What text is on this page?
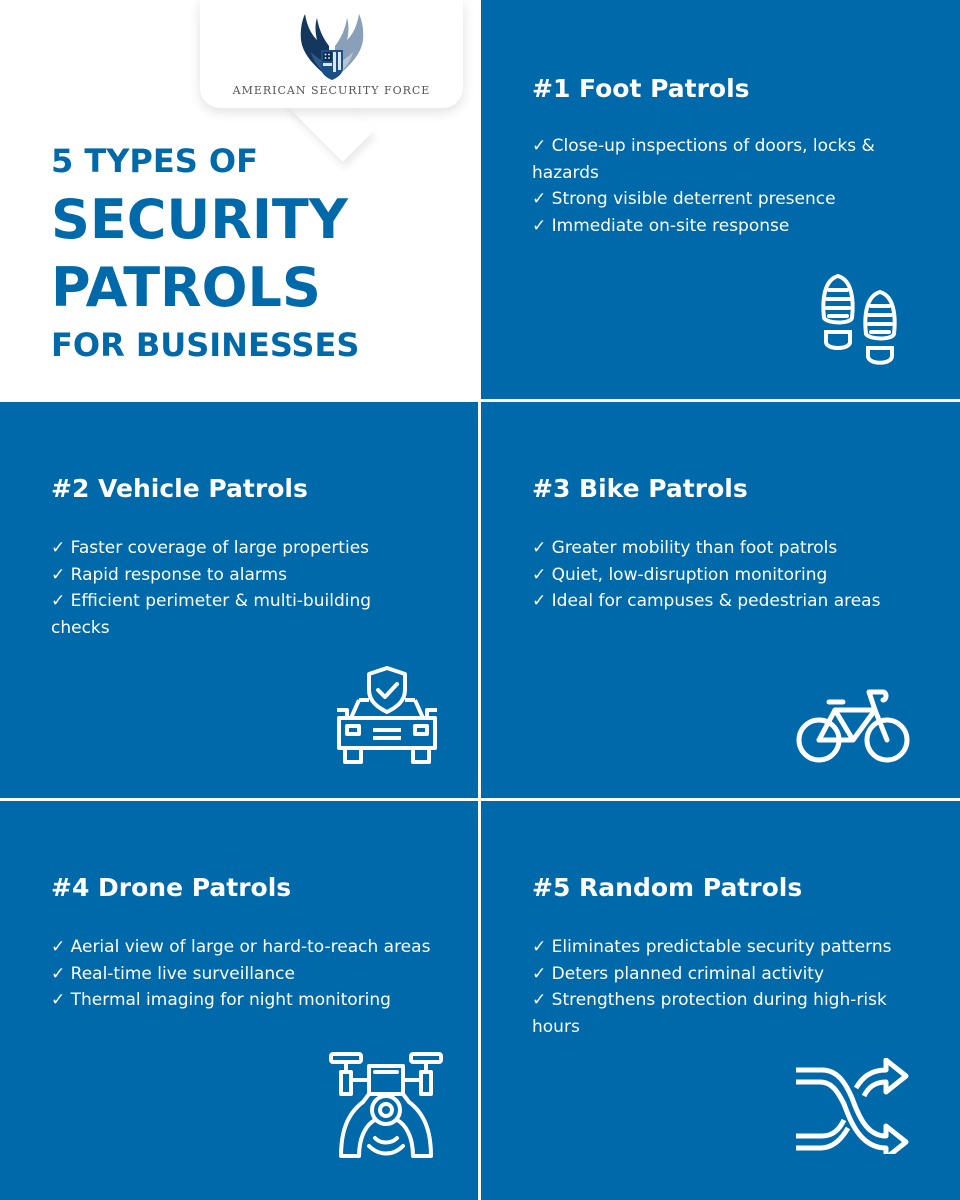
AMERICAN SECURITY FORCE
5 TYPES OF
SECURITY
PATROLS
FOR BUSINESSES
#1 Foot Patrols
✓ Close-up inspections of doors, locks & hazards
✓ Strong visible deterrent presence
✓ Immediate on-site response
#2 Vehicle Patrols
✓ Faster coverage of large properties
✓ Rapid response to alarms
✓ Efficient perimeter & multi-building checks
#3 Bike Patrols
✓ Greater mobility than foot patrols
✓ Quiet, low-disruption monitoring
✓ Ideal for campuses & pedestrian areas
#4 Drone Patrols
✓ Aerial view of large or hard-to-reach areas
✓ Real-time live surveillance
✓ Thermal imaging for night monitoring
#5 Random Patrols
✓ Eliminates predictable security patterns
✓ Deters planned criminal activity
✓ Strengthens protection during high-risk hours
